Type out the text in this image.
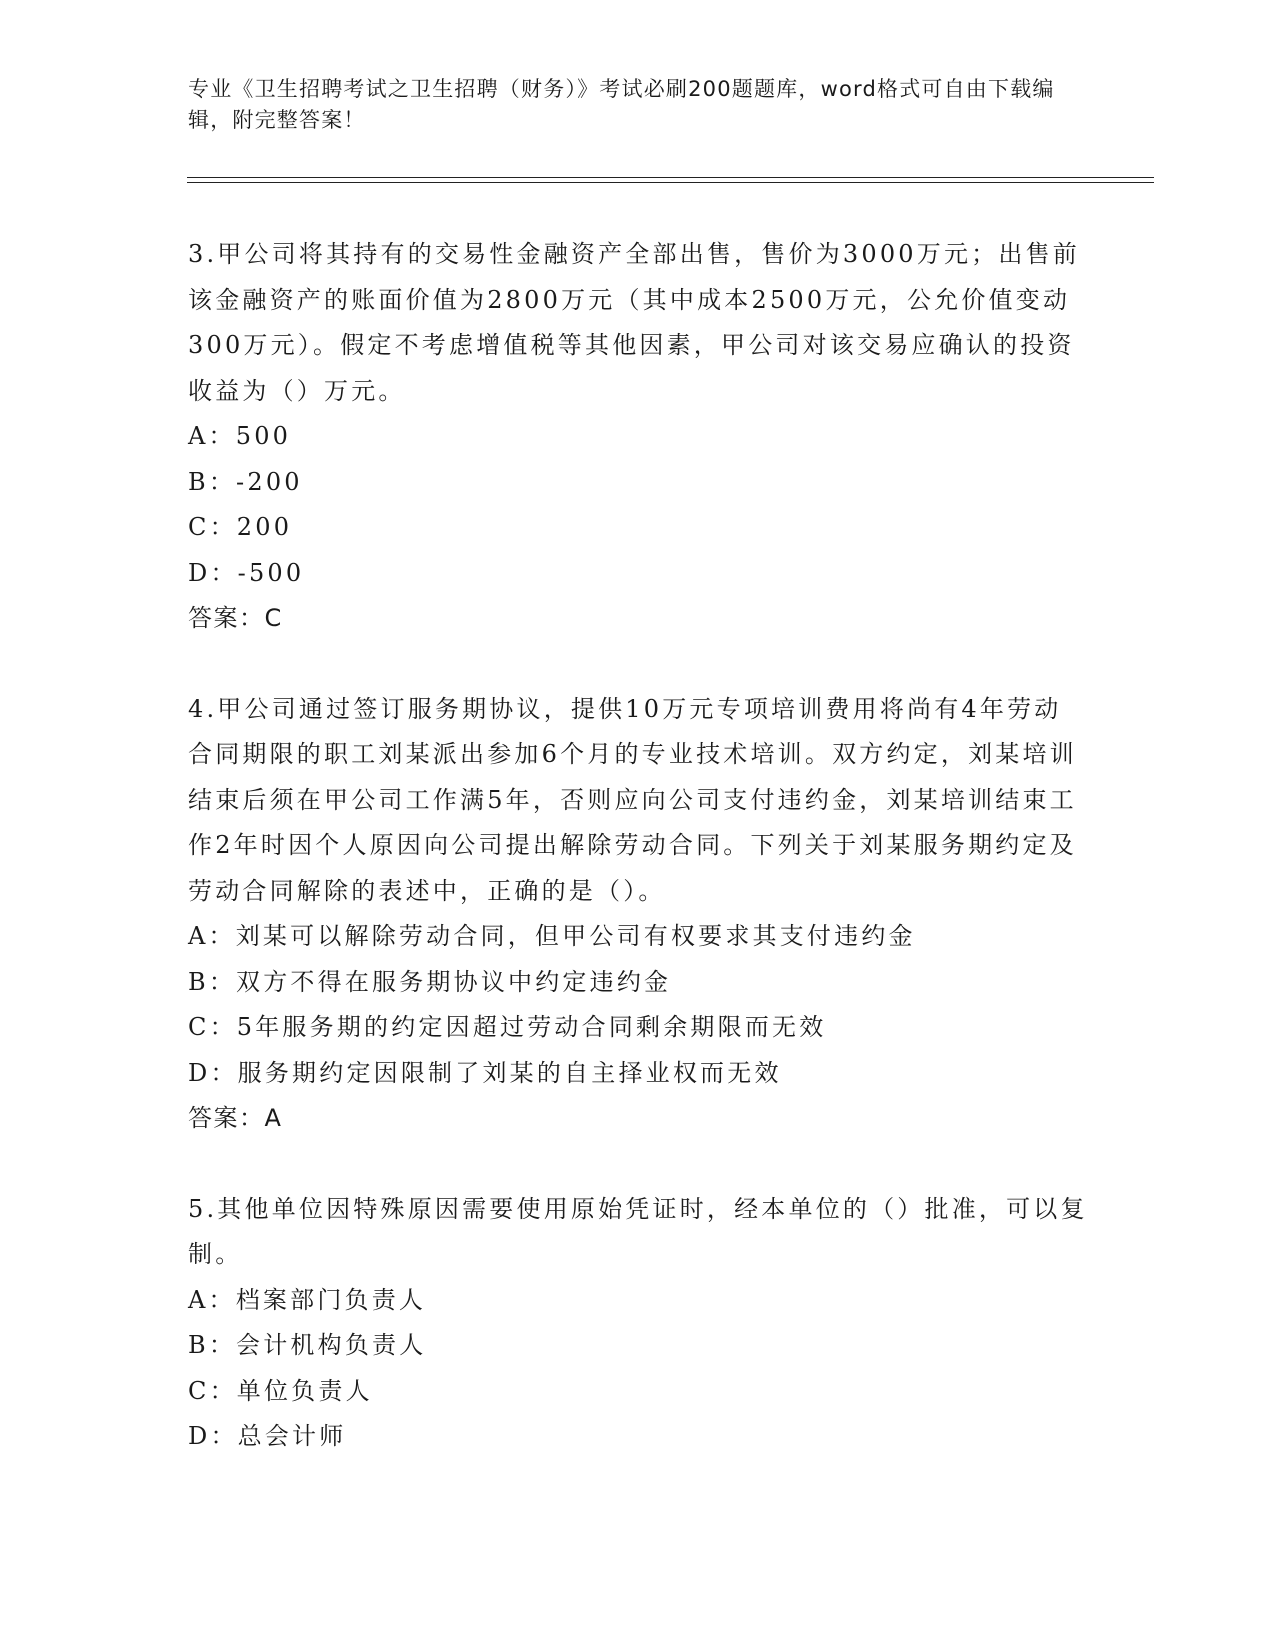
专业《卫生招聘考试之卫生招聘（财务）》考试必刷200题题库，word格式可自由下载编辑，附完整答案！

3.甲公司将其持有的交易性金融资产全部出售，售价为3000万元；出售前该金融资产的账面价值为2800万元（其中成本2500万元，公允价值变动300万元）。假定不考虑增值税等其他因素，甲公司对该交易应确认的投资收益为（）万元。

A：500

B：-200

C：200

D：-500

答案：C

4.甲公司通过签订服务期协议，提供10万元专项培训费用将尚有4年劳动合同期限的职工刘某派出参加6个月的专业技术培训。双方约定，刘某培训结束后须在甲公司工作满5年，否则应向公司支付违约金，刘某培训结束工作2年时因个人原因向公司提出解除劳动合同。下列关于刘某服务期约定及劳动合同解除的表述中，正确的是（）。

A：刘某可以解除劳动合同，但甲公司有权要求其支付违约金

B：双方不得在服务期协议中约定违约金

C：5年服务期的约定因超过劳动合同剩余期限而无效

D：服务期约定因限制了刘某的自主择业权而无效

答案：A

5.其他单位因特殊原因需要使用原始凭证时，经本单位的（）批准，可以复制。

A：档案部门负责人

B：会计机构负责人

C：单位负责人

D：总会计师
